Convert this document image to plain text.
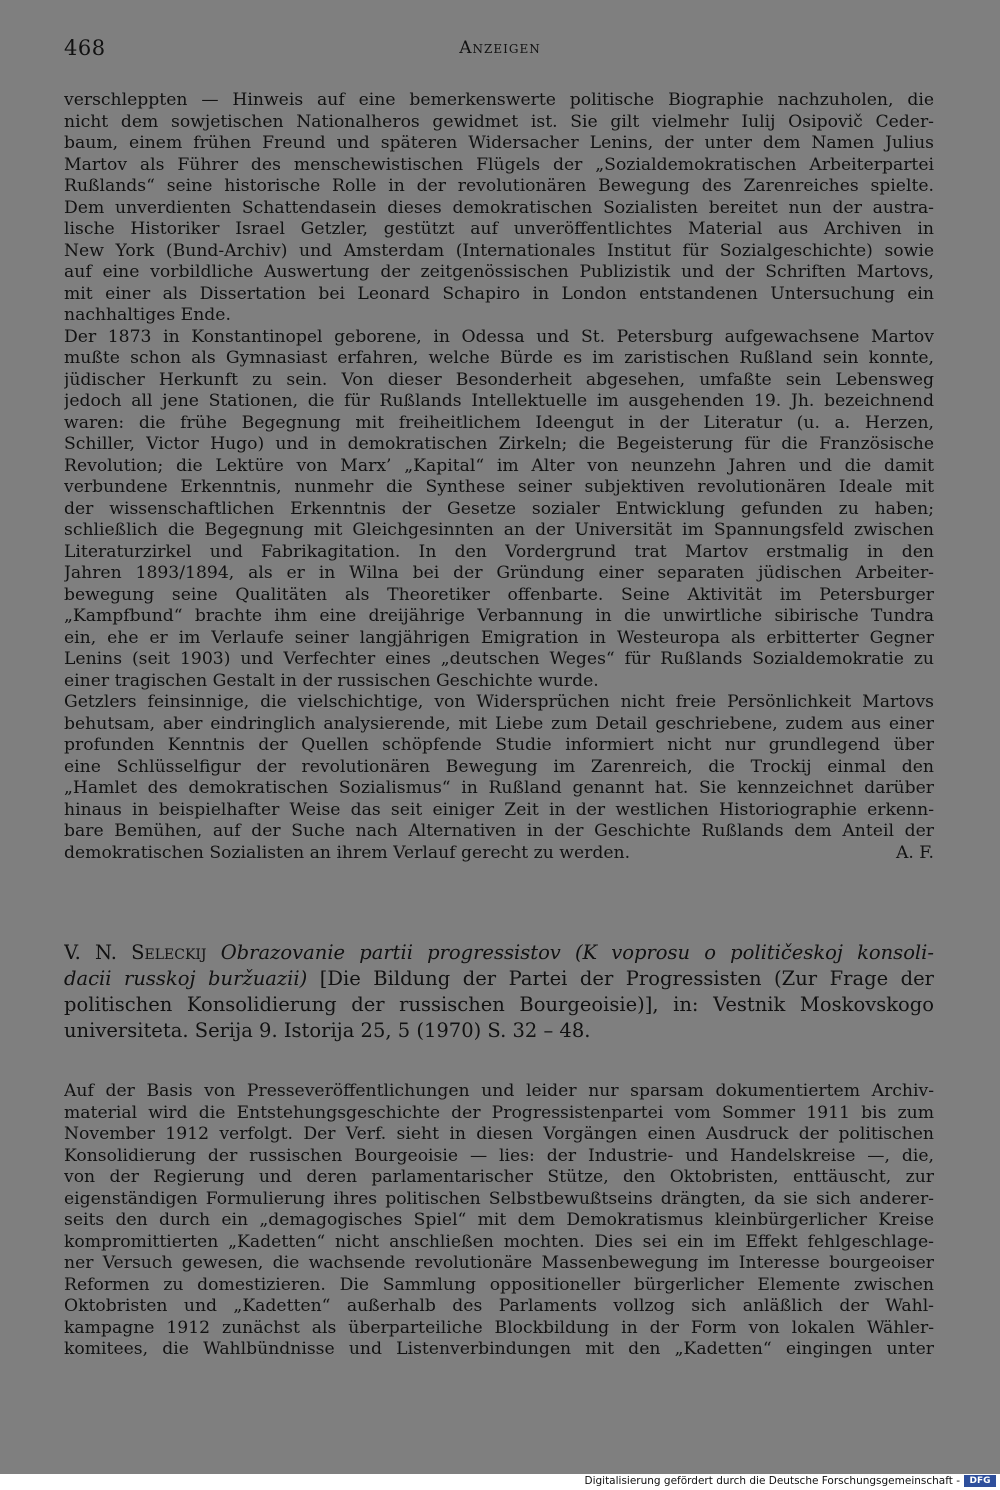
468	Anzeigen
verschleppten — Hinweis auf eine bemerkenswerte politische Biographie nachzuholen, die
nicht dem sowjetischen Nationalheros gewidmet ist. Sie gilt vielmehr Iulij Osipovič Ceder-
baum, einem frühen Freund und späteren Widersacher Lenins, der unter dem Namen Julius
Martov als Führer des menschewistischen Flügels der „Sozialdemokratischen Arbeiterpartei
Rußlands“ seine historische Rolle in der revolutionären Bewegung des Zarenreiches spielte.
Dem unverdienten Schattendasein dieses demokratischen Sozialisten bereitet nun der austra-
lische Historiker Israel Getzler, gestützt auf unveröffentlichtes Material aus Archiven in
New York (Bund-Archiv) und Amsterdam (Internationales Institut für Sozialgeschichte) sowie
auf eine vorbildliche Auswertung der zeitgenössischen Publizistik und der Schriften Martovs,
mit einer als Dissertation bei Leonard Schapiro in London entstandenen Untersuchung ein
nachhaltiges Ende.
Der 1873 in Konstantinopel geborene, in Odessa und St. Petersburg aufgewachsene Martov
mußte schon als Gymnasiast erfahren, welche Bürde es im zaristischen Rußland sein konnte,
jüdischer Herkunft zu sein. Von dieser Besonderheit abgesehen, umfaßte sein Lebensweg
jedoch all jene Stationen, die für Rußlands Intellektuelle im ausgehenden 19. Jh. bezeichnend
waren: die frühe Begegnung mit freiheitlichem Ideengut in der Literatur (u. a. Herzen,
Schiller, Victor Hugo) und in demokratischen Zirkeln; die Begeisterung für die Französische
Revolution; die Lektüre von Marx’ „Kapital“ im Alter von neunzehn Jahren und die damit
verbundene Erkenntnis, nunmehr die Synthese seiner subjektiven revolutionären Ideale mit
der wissenschaftlichen Erkenntnis der Gesetze sozialer Entwicklung gefunden zu haben;
schließlich die Begegnung mit Gleichgesinnten an der Universität im Spannungsfeld zwischen
Literaturzirkel und Fabrikagitation. In den Vordergrund trat Martov erstmalig in den
Jahren 1893/1894, als er in Wilna bei der Gründung einer separaten jüdischen Arbeiter-
bewegung seine Qualitäten als Theoretiker offenbarte. Seine Aktivität im Petersburger
„Kampfbund“ brachte ihm eine dreijährige Verbannung in die unwirtliche sibirische Tundra
ein, ehe er im Verlaufe seiner langjährigen Emigration in Westeuropa als erbitterter Gegner
Lenins (seit 1903) und Verfechter eines „deutschen Weges“ für Rußlands Sozialdemokratie zu
einer tragischen Gestalt in der russischen Geschichte wurde.
Getzlers feinsinnige, die vielschichtige, von Widersprüchen nicht freie Persönlichkeit Martovs
behutsam, aber eindringlich analysierende, mit Liebe zum Detail geschriebene, zudem aus einer
profunden Kenntnis der Quellen schöpfende Studie informiert nicht nur grundlegend über
eine Schlüsselfigur der revolutionären Bewegung im Zarenreich, die Trockij einmal den
„Hamlet des demokratischen Sozialismus“ in Rußland genannt hat. Sie kennzeichnet darüber
hinaus in beispielhafter Weise das seit einiger Zeit in der westlichen Historiographie erkenn-
bare Bemühen, auf der Suche nach Alternativen in der Geschichte Rußlands dem Anteil der
demokratischen Sozialisten an ihrem Verlauf gerecht zu werden.	A. F.
V. N. Seleckij Obrazovanie partii progressistov (K voprosu o političeskoj konsoli-
dacii russkoj buržuazii) [Die Bildung der Partei der Progressisten (Zur Frage der
politischen Konsolidierung der russischen Bourgeoisie)], in: Vestnik Moskovskogo
universiteta. Serija 9. Istorija 25, 5 (1970) S. 32 – 48.
Auf der Basis von Presseveröffentlichungen und leider nur sparsam dokumentiertem Archiv-
material wird die Entstehungsgeschichte der Progressistenpartei vom Sommer 1911 bis zum
November 1912 verfolgt. Der Verf. sieht in diesen Vorgängen einen Ausdruck der politischen
Konsolidierung der russischen Bourgeoisie — lies: der Industrie- und Handelskreise —, die,
von der Regierung und deren parlamentarischer Stütze, den Oktobristen, enttäuscht, zur
eigenständigen Formulierung ihres politischen Selbstbewußtseins drängten, da sie sich anderer-
seits den durch ein „demagogisches Spiel“ mit dem Demokratismus kleinbürgerlicher Kreise
kompromittierten „Kadetten“ nicht anschließen mochten. Dies sei ein im Effekt fehlgeschlage-
ner Versuch gewesen, die wachsende revolutionäre Massenbewegung im Interesse bourgeoiser
Reformen zu domestizieren. Die Sammlung oppositioneller bürgerlicher Elemente zwischen
Oktobristen und „Kadetten“ außerhalb des Parlaments vollzog sich anläßlich der Wahl-
kampagne 1912 zunächst als überparteiliche Blockbildung in der Form von lokalen Wähler-
komitees, die Wahlbündnisse und Listenverbindungen mit den „Kadetten“ eingingen unter
Digitalisierung gefördert durch die Deutsche Forschungsgemeinschaft -	DFG
